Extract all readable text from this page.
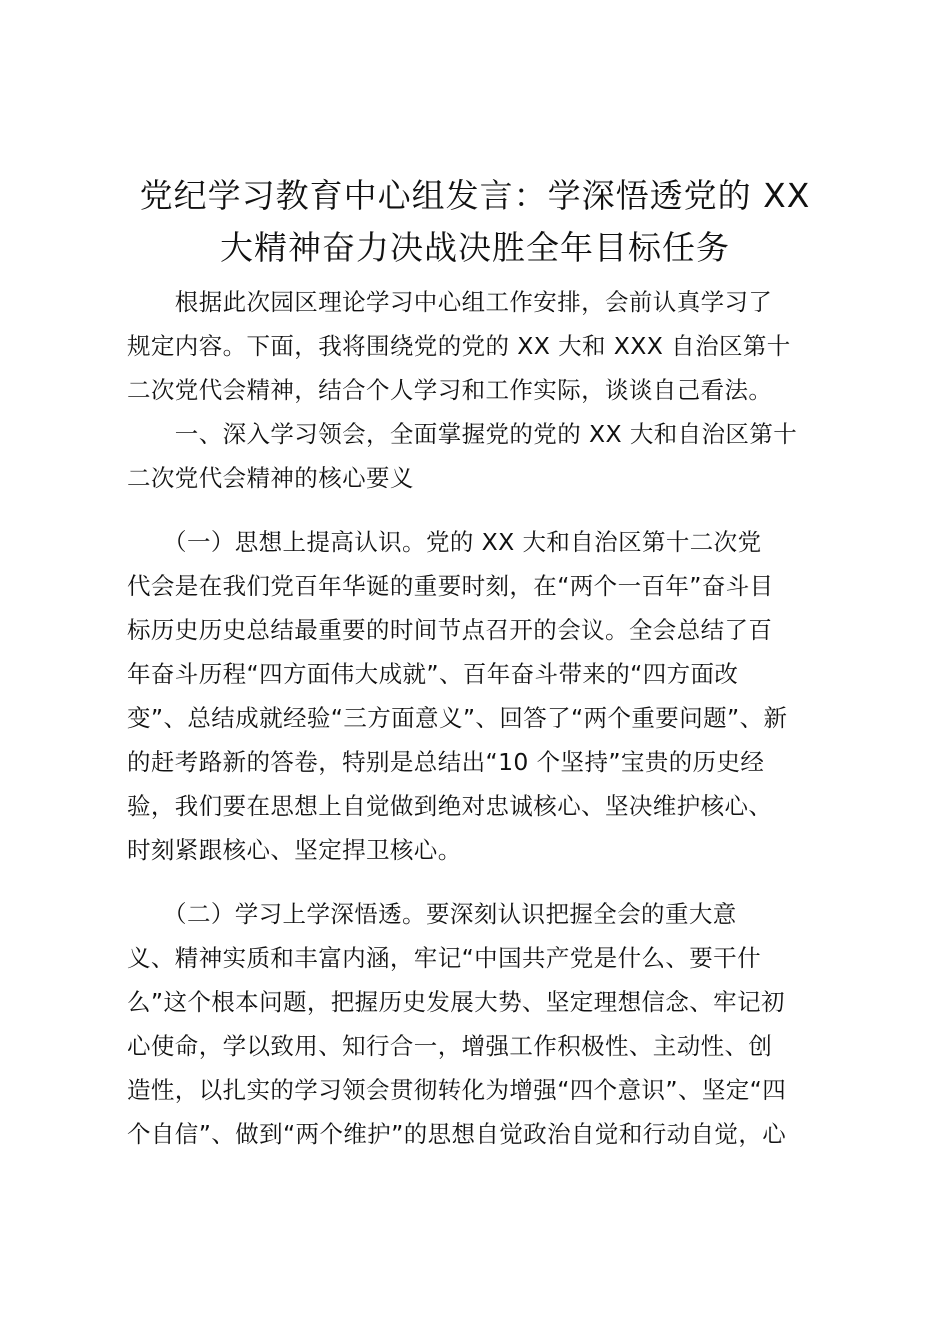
党纪学习教育中心组发言：学深悟透党的 XX
大精神奋力决战决胜全年目标任务
　　根据此次园区理论学习中心组工作安排，会前认真学习了
规定内容。下面，我将围绕党的党的 XX 大和 XXX 自治区第十
二次党代会精神，结合个人学习和工作实际，谈谈自己看法。
　　一、深入学习领会，全面掌握党的党的 XX 大和自治区第十
二次党代会精神的核心要义
　　（一）思想上提高认识。党的 XX 大和自治区第十二次党
代会是在我们党百年华诞的重要时刻，在“两个一百年”奋斗目
标历史历史总结最重要的时间节点召开的会议。全会总结了百
年奋斗历程“四方面伟大成就”、百年奋斗带来的“四方面改
变”、总结成就经验“三方面意义”、回答了“两个重要问题”、新
的赶考路新的答卷，特别是总结出“10 个坚持”宝贵的历史经
验，我们要在思想上自觉做到绝对忠诚核心、坚决维护核心、
时刻紧跟核心、坚定捍卫核心。
　　（二）学习上学深悟透。要深刻认识把握全会的重大意
义、精神实质和丰富内涵，牢记“中国共产党是什么、要干什
么”这个根本问题，把握历史发展大势、坚定理想信念、牢记初
心使命，学以致用、知行合一，增强工作积极性、主动性、创
造性，以扎实的学习领会贯彻转化为增强“四个意识”、坚定“四
个自信”、做到“两个维护”的思想自觉政治自觉和行动自觉，心
